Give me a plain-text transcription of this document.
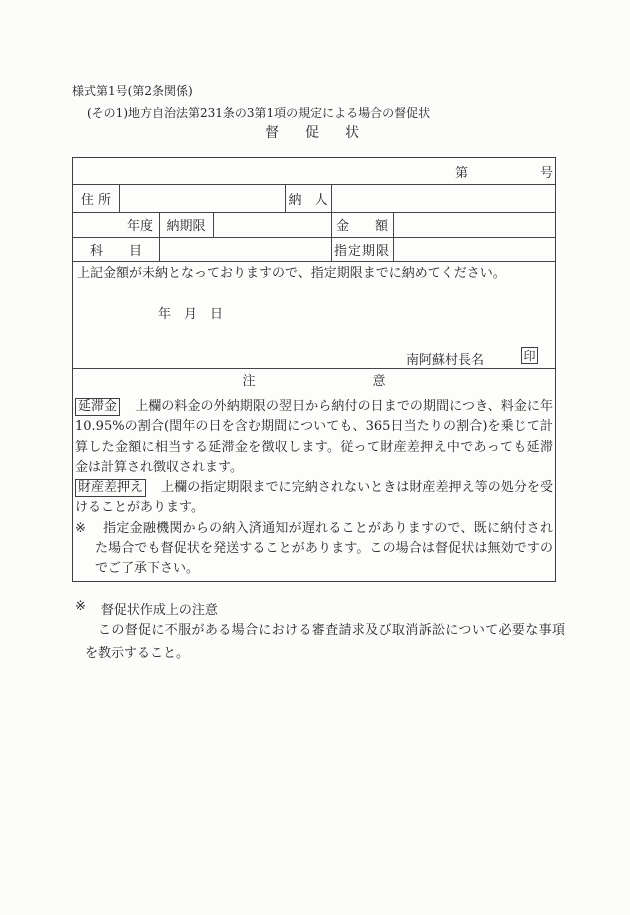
様式第1号(第2条関係)
(その1)地方自治法第231条の3第1項の規定による場合の督促状
督　促　状
第	号
住 所	納　人
年度	納期限	金　　額
科　　目	指定期限
上記金額が未納となっておりますので、指定期限までに納めてください。
年 月 日
南阿蘇村長名	印
注	意

延滞金 上欄の料金の外納期限の翌日から納付の日までの期間につき、料金に年10.95%の割合(閏年の日を含む期間についても、365日当たりの割合)を乗じて計算した金額に相当する延滞金を徴収します。従って財産差押え中であっても延滞金は計算され徴収されます。

財産差押え 上欄の指定期限までに完納されないときは財産差押え等の処分を受けることがあります。

※ 指定金融機関からの納入済通知が遅れることがありますので、既に納付された場合でも督促状を発送することがあります。この場合は督促状は無効ですのでご了承下さい。

※ 督促状作成上の注意
この督促に不服がある場合における審査請求及び取消訴訟について必要な事項を教示すること。
